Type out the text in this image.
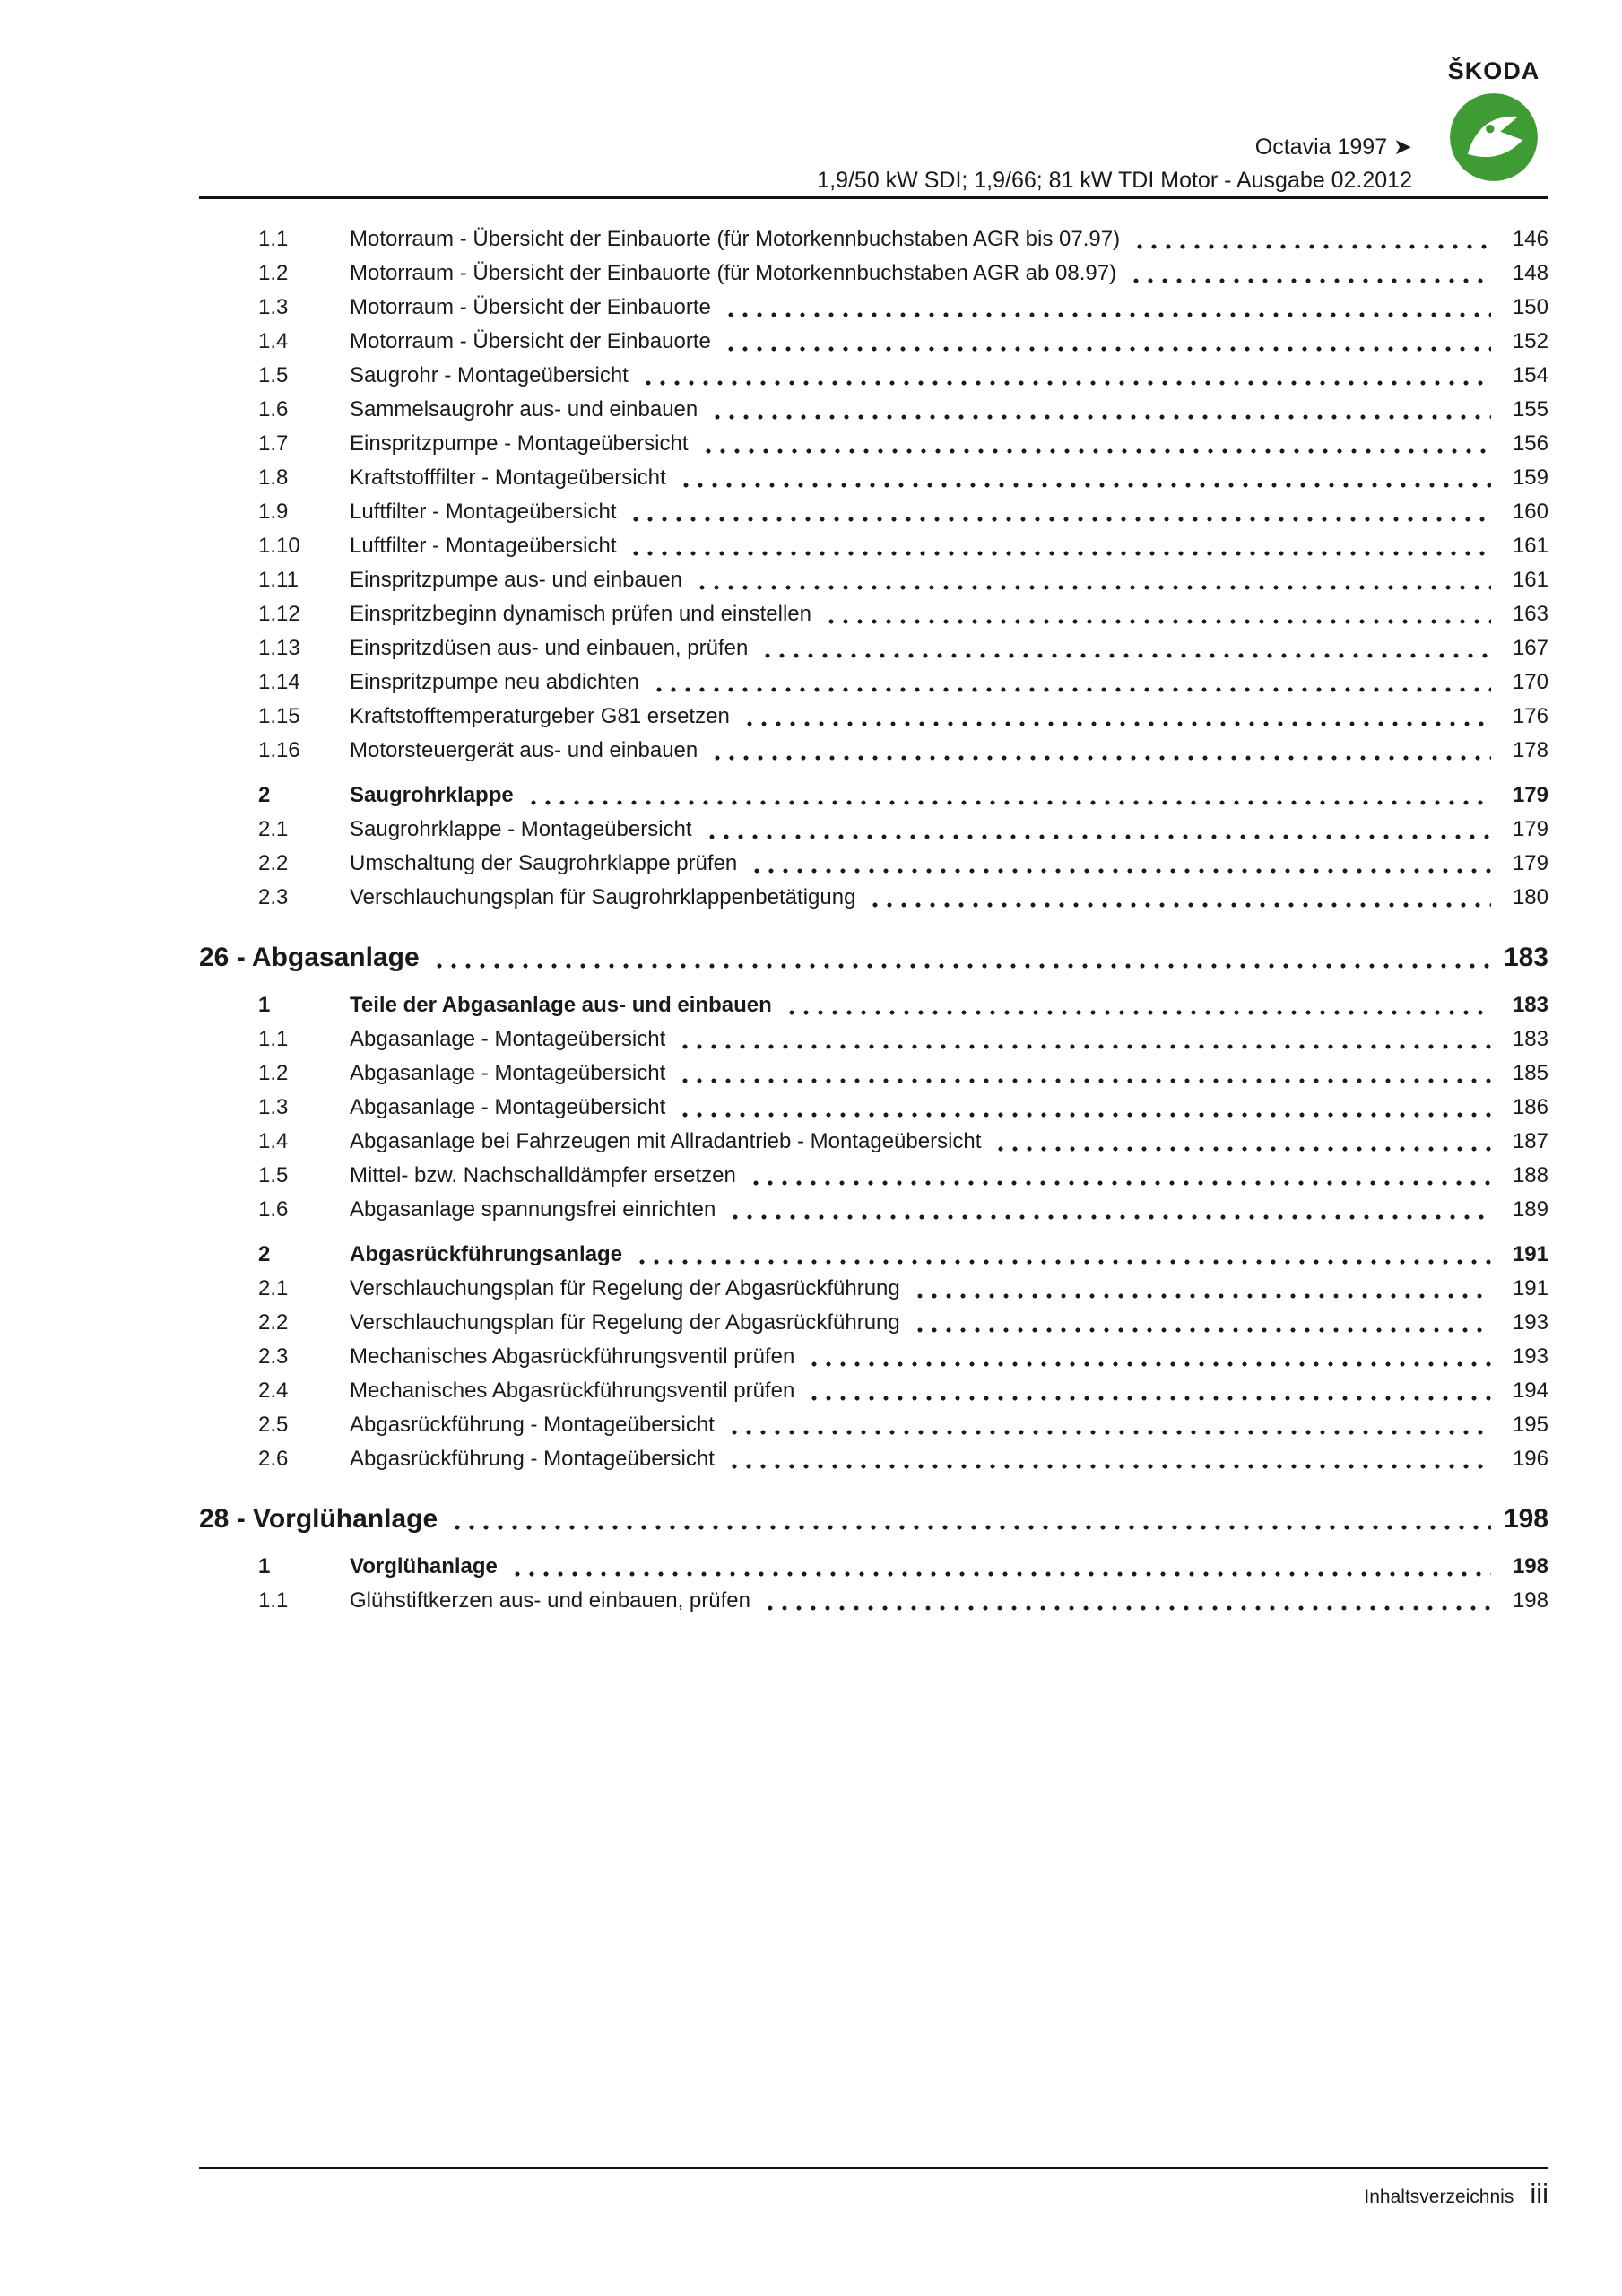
ŠKODA
Octavia 1997 ➤
1,9/50 kW SDI; 1,9/66; 81 kW TDI Motor - Ausgabe 02.2012
1.1	Motorraum - Übersicht der Einbauorte (für Motorkennbuchstaben AGR bis 07.97)	146
1.2	Motorraum - Übersicht der Einbauorte (für Motorkennbuchstaben AGR ab 08.97)	148
1.3	Motorraum - Übersicht der Einbauorte	150
1.4	Motorraum - Übersicht der Einbauorte	152
1.5	Saugrohr - Montageübersicht	154
1.6	Sammelsaugrohr aus- und einbauen	155
1.7	Einspritzpumpe - Montageübersicht	156
1.8	Kraftstofffilter - Montageübersicht	159
1.9	Luftfilter - Montageübersicht	160
1.10	Luftfilter - Montageübersicht	161
1.11	Einspritzpumpe aus- und einbauen	161
1.12	Einspritzbeginn dynamisch prüfen und einstellen	163
1.13	Einspritzdüsen aus- und einbauen, prüfen	167
1.14	Einspritzpumpe neu abdichten	170
1.15	Kraftstofftemperaturgeber G81 ersetzen	176
1.16	Motorsteuergerät aus- und einbauen	178
2	Saugrohrklappe	179
2.1	Saugrohrklappe - Montageübersicht	179
2.2	Umschaltung der Saugrohrklappe prüfen	179
2.3	Verschlauchungsplan für Saugrohrklappenbetätigung	180
26 - Abgasanlage	183
1	Teile der Abgasanlage aus- und einbauen	183
1.1	Abgasanlage - Montageübersicht	183
1.2	Abgasanlage - Montageübersicht	185
1.3	Abgasanlage - Montageübersicht	186
1.4	Abgasanlage bei Fahrzeugen mit Allradantrieb - Montageübersicht	187
1.5	Mittel- bzw. Nachschalldämpfer ersetzen	188
1.6	Abgasanlage spannungsfrei einrichten	189
2	Abgasrückführungsanlage	191
2.1	Verschlauchungsplan für Regelung der Abgasrückführung	191
2.2	Verschlauchungsplan für Regelung der Abgasrückführung	193
2.3	Mechanisches Abgasrückführungsventil prüfen	193
2.4	Mechanisches Abgasrückführungsventil prüfen	194
2.5	Abgasrückführung - Montageübersicht	195
2.6	Abgasrückführung - Montageübersicht	196
28 - Vorglühanlage	198
1	Vorglühanlage	198
1.1	Glühstiftkerzen aus- und einbauen, prüfen	198
Inhaltsverzeichnis iii
